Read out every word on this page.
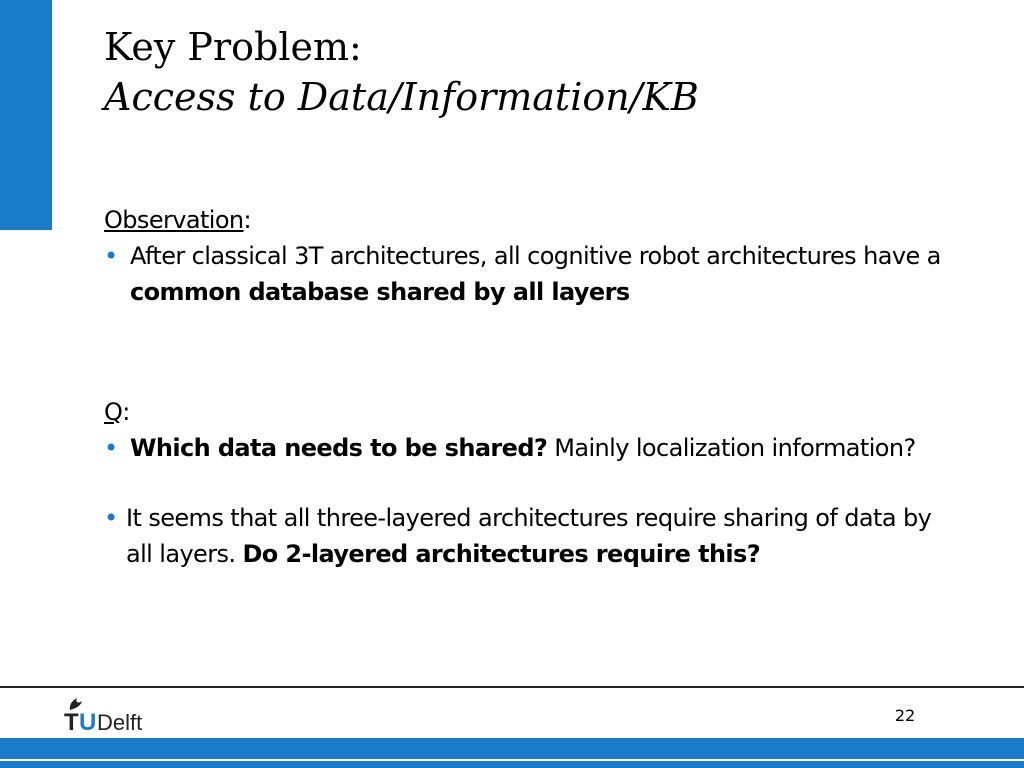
Key Problem:
Access to Data/Information/KB
Observation:
• After classical 3T architectures, all cognitive robot architectures have a common database shared by all layers
Q:
• Which data needs to be shared? Mainly localization information?
• It seems that all three-layered architectures require sharing of data by all layers. Do 2-layered architectures require this?
T U Delft	22
